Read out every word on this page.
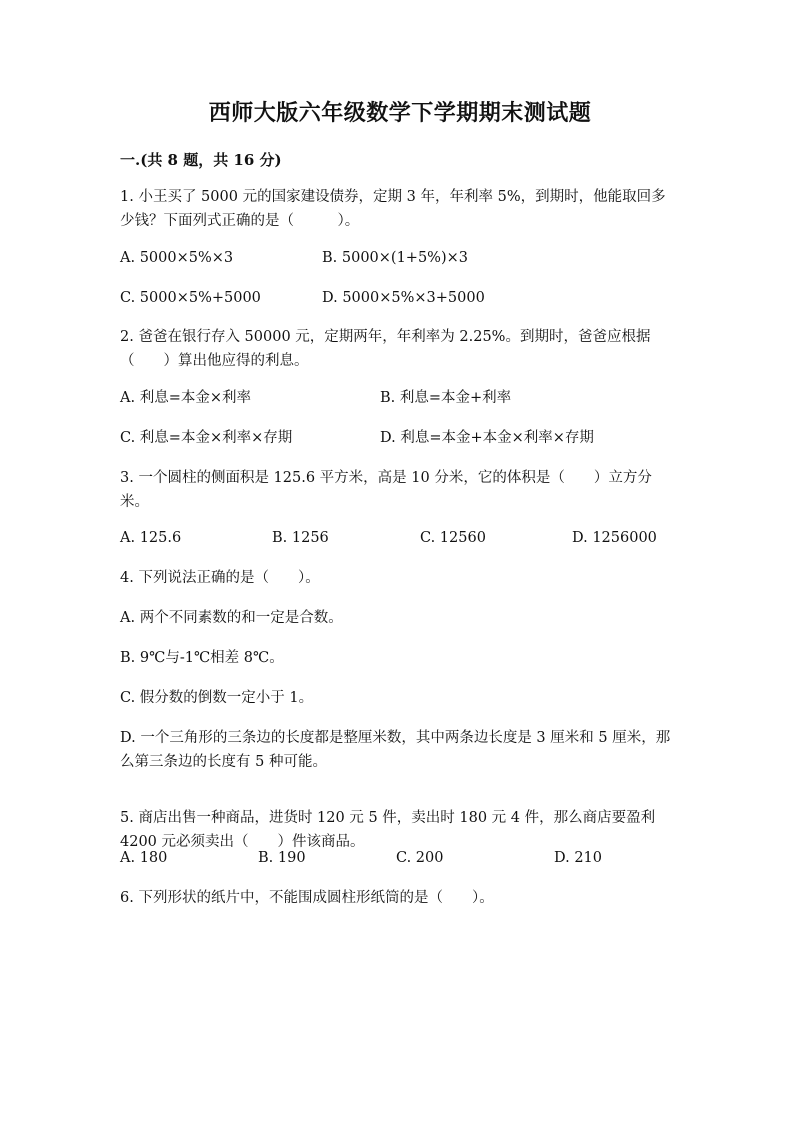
西师大版六年级数学下学期期末测试题
一.(共 8 题，共 16 分)
1. 小王买了 5000 元的国家建设债券，定期 3 年，年利率 5%，到期时，他能取回多少钱？下面列式正确的是（　　　）。
A. 5000×5%×3	B. 5000×(1+5%)×3
C. 5000×5%+5000	D. 5000×5%×3+5000
2. 爸爸在银行存入 50000 元，定期两年，年利率为 2.25%。到期时，爸爸应根据（　　）算出他应得的利息。
A. 利息=本金×利率	B. 利息=本金+利率
C. 利息=本金×利率×存期	D. 利息=本金+本金×利率×存期
3. 一个圆柱的侧面积是 125.6 平方米，高是 10 分米，它的体积是（　　）立方分米。
A. 125.6	B. 1256	C. 12560	D. 1256000
4. 下列说法正确的是（　　）。
A. 两个不同素数的和一定是合数。
B. 9℃与-1℃相差 8℃。
C. 假分数的倒数一定小于 1。
D. 一个三角形的三条边的长度都是整厘米数，其中两条边长度是 3 厘米和 5 厘米，那么第三条边的长度有 5 种可能。
5. 商店出售一种商品，进货时 120 元 5 件，卖出时 180 元 4 件，那么商店要盈利 4200 元必须卖出（　　）件该商品。
A. 180	B. 190	C. 200	D. 210
6. 下列形状的纸片中，不能围成圆柱形纸筒的是（　　）。
